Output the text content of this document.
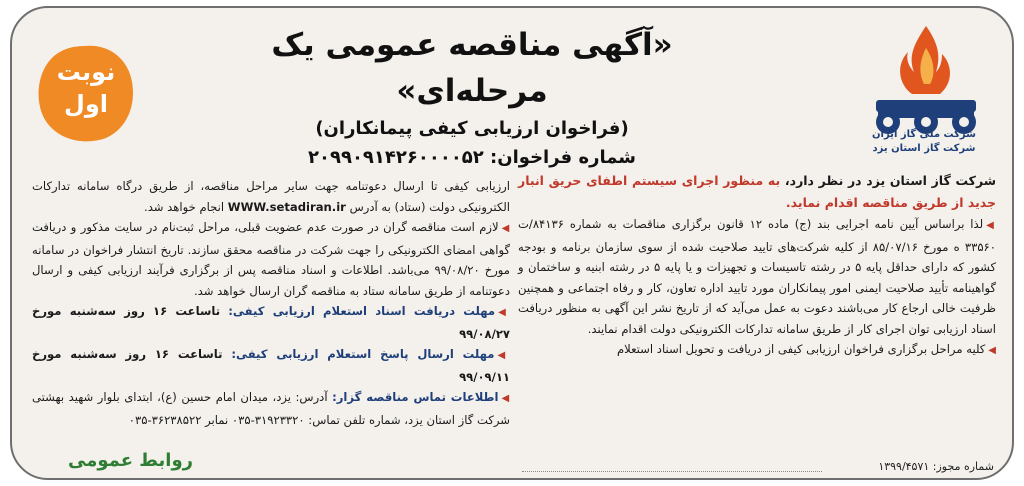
شرکت ملی گاز ایران
شرکت گاز استان یزد
نوبت
اول
«آگهی مناقصه عمومی یک مرحله‌ای»
(فراخوان ارزیابی کیفی پیمانکاران)
شماره فراخوان: ۲۰۹۹۰۹۱۴۲۶۰۰۰۰۵۲

شرکت گاز استان یزد در نظر دارد، به منظور اجرای سیستم اطفای حریق انبار جدید از طریق مناقصه اقدام نماید.

◀لذا براساس آیین نامه اجرایی بند (ج) ماده ۱۲ قانون برگزاری مناقصات به شماره ۸۴۱۳۶/ت ۳۳۵۶۰ ه مورخ ۸۵/۰۷/۱۶ از کلیه شرکت‌های تایید صلاحیت شده از سوی سازمان برنامه و بودجه کشور که دارای حداقل پایه ۵ در رشته تاسیسات و تجهیزات و یا پایه ۵ در رشته ابنیه و ساختمان و گواهینامه تأیید صلاحیت ایمنی امور پیمانکاران مورد تایید اداره تعاون، کار و رفاه اجتماعی و همچنین ظرفیت خالی ارجاع کار می‌باشند دعوت به عمل می‌آید که از تاریخ نشر این آگهی به منظور دریافت اسناد ارزیابی توان اجرای کار از طریق سامانه تدارکات الکترونیکی دولت اقدام نمایند.

◀کلیه مراحل برگزاری فراخوان ارزیابی کیفی از دریافت و تحویل اسناد استعلام

ارزیابی کیفی تا ارسال دعوتنامه جهت سایر مراحل مناقصه، از طریق درگاه سامانه تدارکات الکترونیکی دولت (ستاد) به آدرس WWW.setadiran.ir انجام خواهد شد.

◀لازم است مناقصه گران در صورت عدم عضویت قبلی، مراحل ثبت‌نام در سایت مذکور و دریافت گواهی امضای الکترونیکی را جهت شرکت در مناقصه محقق سازند. تاریخ انتشار فراخوان در سامانه مورخ ۹۹/۰۸/۲۰ می‌باشد. اطلاعات و اسناد مناقصه پس از برگزاری فرآیند ارزیابی کیفی و ارسال دعوتنامه از طریق سامانه ستاد به مناقصه گران ارسال خواهد شد.

◀مهلت دریافت اسناد استعلام ارزیابی کیفی: تاساعت ۱۶ روز سه‌شنبه مورخ ۹۹/۰۸/۲۷

◀مهلت ارسال پاسخ استعلام ارزیابی کیفی: تاساعت ۱۶ روز سه‌شنبه مورخ ۹۹/۰۹/۱۱

◀اطلاعات تماس مناقصه گزار: آدرس: یزد، میدان امام حسین (ع)، ابتدای بلوار شهید بهشتی شرکت گاز استان یزد، شماره تلفن تماس: ۳۱۹۲۳۳۲۰-۰۳۵ نمابر ۳۶۲۳۸۵۲۲-۰۳۵

روابط عمومی	شماره مجوز: ۱۳۹۹/۴۵۷۱
